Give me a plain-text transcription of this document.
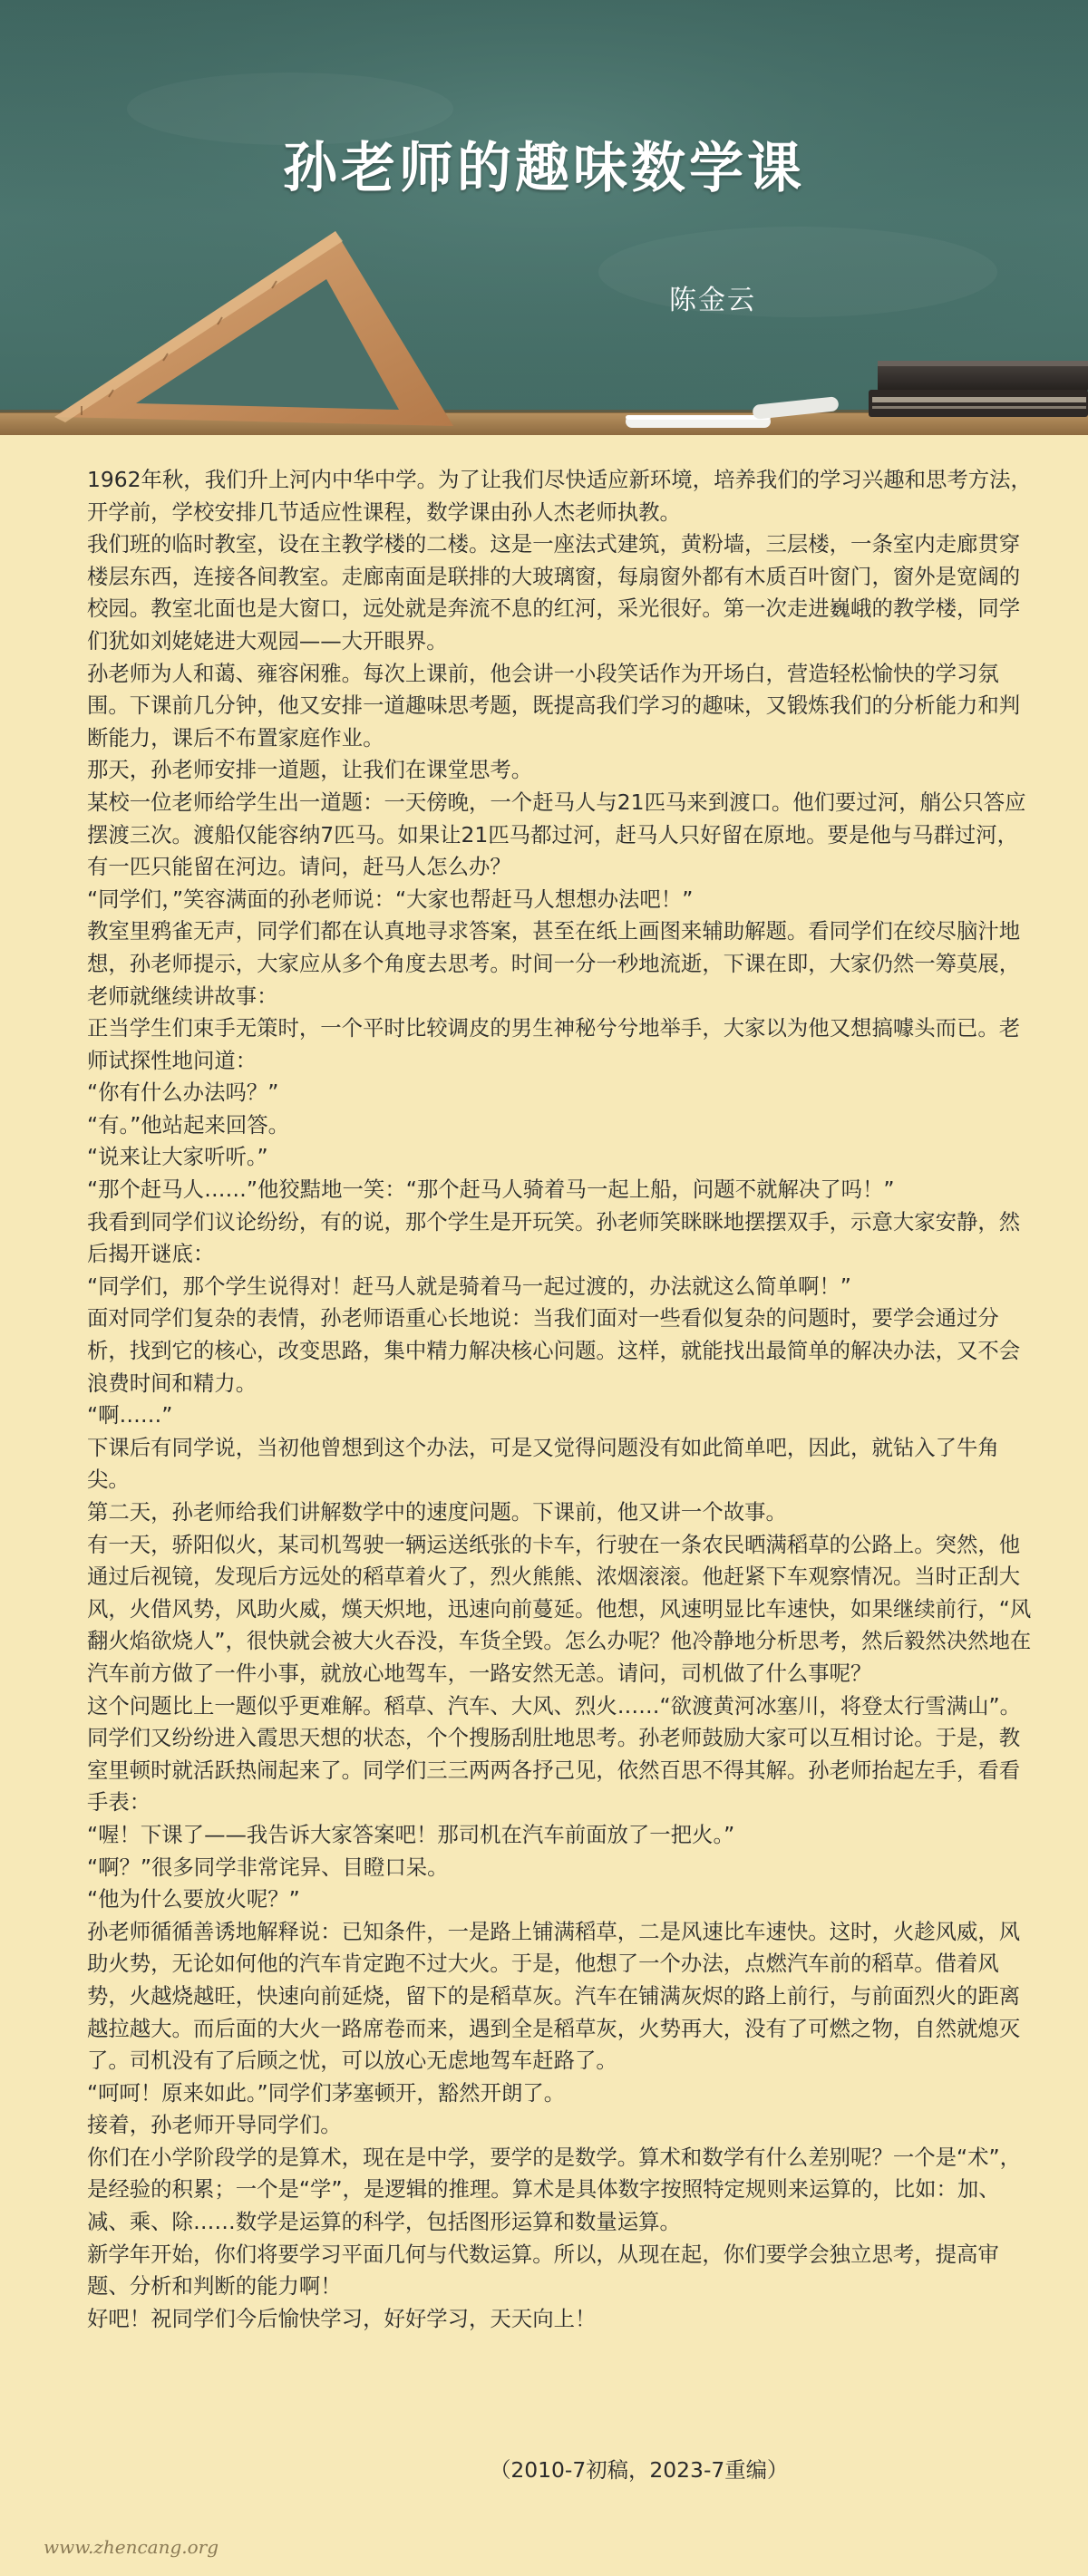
孙老师的趣味数学课
陈金云

1962年秋，我们升上河内中华中学。为了让我们尽快适应新环境，培养我们的学习兴趣和思考方法，开学前，学校安排几节适应性课程，数学课由孙人杰老师执教。

我们班的临时教室，设在主教学楼的二楼。这是一座法式建筑，黄粉墙，三层楼，一条室内走廊贯穿楼层东西，连接各间教室。走廊南面是联排的大玻璃窗，每扇窗外都有木质百叶窗门，窗外是宽阔的校园。教室北面也是大窗口，远处就是奔流不息的红河，采光很好。第一次走进巍峨的教学楼，同学们犹如刘姥姥进大观园——大开眼界。

孙老师为人和蔼、雍容闲雅。每次上课前，他会讲一小段笑话作为开场白，营造轻松愉快的学习氛围。下课前几分钟，他又安排一道趣味思考题，既提高我们学习的趣味，又锻炼我们的分析能力和判断能力，课后不布置家庭作业。

那天，孙老师安排一道题，让我们在课堂思考。

某校一位老师给学生出一道题：一天傍晚，一个赶马人与21匹马来到渡口。他们要过河，艄公只答应摆渡三次。渡船仅能容纳7匹马。如果让21匹马都过河，赶马人只好留在原地。要是他与马群过河，有一匹只能留在河边。请问，赶马人怎么办？

“同学们，”笑容满面的孙老师说：“大家也帮赶马人想想办法吧！”

教室里鸦雀无声，同学们都在认真地寻求答案，甚至在纸上画图来辅助解题。看同学们在绞尽脑汁地想，孙老师提示，大家应从多个角度去思考。时间一分一秒地流逝，下课在即，大家仍然一筹莫展，老师就继续讲故事：

正当学生们束手无策时，一个平时比较调皮的男生神秘兮兮地举手，大家以为他又想搞噱头而已。老师试探性地问道：

“你有什么办法吗？”

“有。”他站起来回答。

“说来让大家听听。”

“那个赶马人……”他狡黠地一笑：“那个赶马人骑着马一起上船，问题不就解决了吗！”

我看到同学们议论纷纷，有的说，那个学生是开玩笑。孙老师笑眯眯地摆摆双手，示意大家安静，然后揭开谜底：

“同学们，那个学生说得对！赶马人就是骑着马一起过渡的，办法就这么简单啊！”

面对同学们复杂的表情，孙老师语重心长地说：当我们面对一些看似复杂的问题时，要学会通过分析，找到它的核心，改变思路，集中精力解决核心问题。这样，就能找出最简单的解决办法，又不会浪费时间和精力。

“啊……”

下课后有同学说，当初他曾想到这个办法，可是又觉得问题没有如此简单吧，因此，就钻入了牛角尖。

第二天，孙老师给我们讲解数学中的速度问题。下课前，他又讲一个故事。

有一天，骄阳似火，某司机驾驶一辆运送纸张的卡车，行驶在一条农民晒满稻草的公路上。突然，他通过后视镜，发现后方远处的稻草着火了，烈火熊熊、浓烟滚滚。他赶紧下车观察情况。当时正刮大风，火借风势，风助火威，熯天炽地，迅速向前蔓延。他想，风速明显比车速快，如果继续前行，“风翻火焰欲烧人”，很快就会被大火吞没，车货全毁。怎么办呢？他冷静地分析思考，然后毅然决然地在汽车前方做了一件小事，就放心地驾车，一路安然无恙。请问，司机做了什么事呢？

这个问题比上一题似乎更难解。稻草、汽车、大风、烈火……“欲渡黄河冰塞川，将登太行雪满山”。同学们又纷纷进入霞思天想的状态，个个搜肠刮肚地思考。孙老师鼓励大家可以互相讨论。于是，教室里顿时就活跃热闹起来了。同学们三三两两各抒己见，依然百思不得其解。孙老师抬起左手，看看手表：

“喔！下课了——我告诉大家答案吧！那司机在汽车前面放了一把火。”

“啊？”很多同学非常诧异、目瞪口呆。

“他为什么要放火呢？”

孙老师循循善诱地解释说：已知条件，一是路上铺满稻草，二是风速比车速快。这时，火趁风威，风助火势，无论如何他的汽车肯定跑不过大火。于是，他想了一个办法，点燃汽车前的稻草。借着风势，火越烧越旺，快速向前延烧，留下的是稻草灰。汽车在铺满灰烬的路上前行，与前面烈火的距离越拉越大。而后面的大火一路席卷而来，遇到全是稻草灰，火势再大，没有了可燃之物，自然就熄灭了。司机没有了后顾之忧，可以放心无虑地驾车赶路了。

“呵呵！原来如此。”同学们茅塞顿开，豁然开朗了。

接着，孙老师开导同学们。

你们在小学阶段学的是算术，现在是中学，要学的是数学。算术和数学有什么差别呢？一个是“术”，是经验的积累；一个是“学”，是逻辑的推理。算术是具体数字按照特定规则来运算的，比如：加、减、乘、除……数学是运算的科学，包括图形运算和数量运算。

新学年开始，你们将要学习平面几何与代数运算。所以，从现在起，你们要学会独立思考，提高审题、分析和判断的能力啊！

好吧！祝同学们今后愉快学习，好好学习，天天向上！

（2010-7初稿，2023-7重编）
www.zhencang.org
